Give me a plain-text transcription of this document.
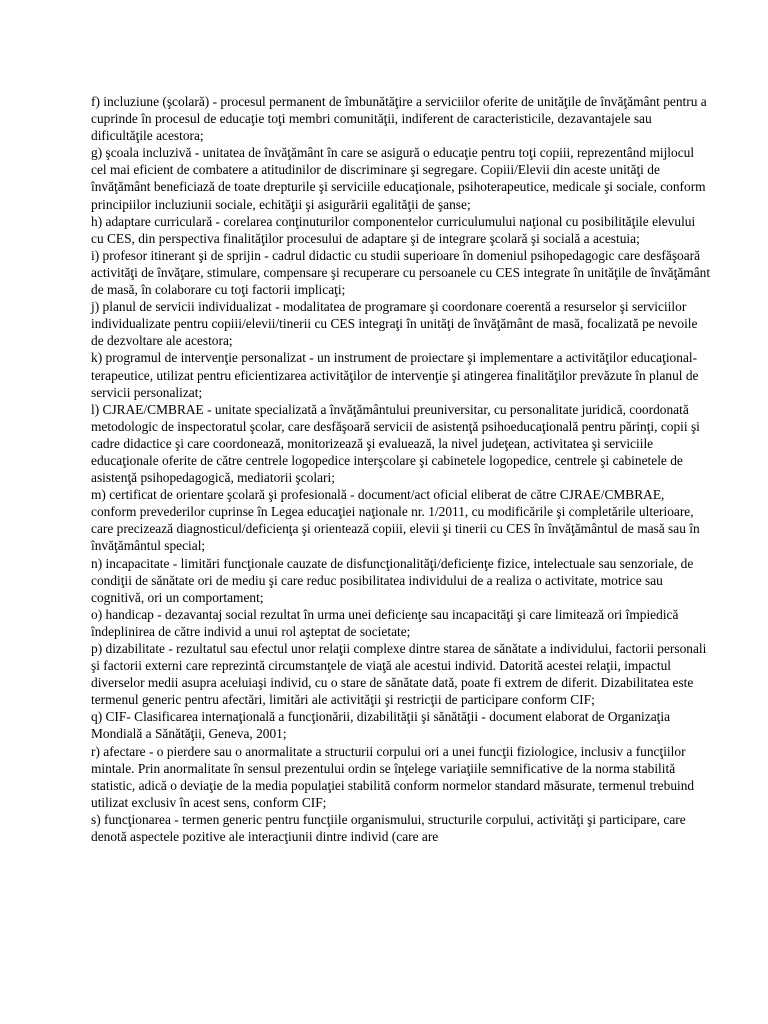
f) incluziune (şcolară) - procesul permanent de îmbunătăţire a serviciilor oferite de unităţile de învăţământ pentru a cuprinde în procesul de educaţie toţi membri comunităţii, indiferent de caracteristicile, dezavantajele sau dificultăţile acestora;

g) şcoala incluzivă - unitatea de învăţământ în care se asigură o educaţie pentru toţi copiii, reprezentând mijlocul cel mai eficient de combatere a atitudinilor de discriminare şi segregare. Copiii/Elevii din aceste unităţi de învăţământ beneficiază de toate drepturile şi serviciile educaţionale, psihoterapeutice, medicale şi sociale, conform principiilor incluziunii sociale, echităţii şi asigurării egalităţii de şanse;

h) adaptare curriculară - corelarea conţinuturilor componentelor curriculumului naţional cu posibilităţile elevului cu CES, din perspectiva finalităţilor procesului de adaptare şi de integrare şcolară şi socială a acestuia;

i) profesor itinerant şi de sprijin - cadrul didactic cu studii superioare în domeniul psihopedagogic care desfăşoară activităţi de învăţare, stimulare, compensare şi recuperare cu persoanele cu CES integrate în unităţile de învăţământ de masă, în colaborare cu toţi factorii implicaţi;

j) planul de servicii individualizat - modalitatea de programare şi coordonare coerentă a resurselor şi serviciilor individualizate pentru copiii/elevii/tinerii cu CES integraţi în unităţi de învăţământ de masă, focalizată pe nevoile de dezvoltare ale acestora;

k) programul de intervenţie personalizat - un instrument de proiectare şi implementare a activităţilor educaţional-terapeutice, utilizat pentru eficientizarea activităţilor de intervenţie şi atingerea finalităţilor prevăzute în planul de servicii personalizat;

l) CJRAE/CMBRAE - unitate specializată a învăţământului preuniversitar, cu personalitate juridică, coordonată metodologic de inspectoratul şcolar, care desfăşoară servicii de asistenţă psihoeducaţională pentru părinţi, copii şi cadre didactice şi care coordonează, monitorizează şi evaluează, la nivel judeţean, activitatea şi serviciile educaţionale oferite de către centrele logopedice interşcolare şi cabinetele logopedice, centrele şi cabinetele de asistenţă psihopedagogică, mediatorii şcolari;

m) certificat de orientare şcolară şi profesională - document/act oficial eliberat de către CJRAE/CMBRAE, conform prevederilor cuprinse în Legea educaţiei naţionale nr. 1/2011, cu modificările şi completările ulterioare, care precizează diagnosticul/deficienţa şi orientează copiii, elevii şi tinerii cu CES în învăţământul de masă sau în învăţământul special;

n) incapacitate - limitări funcţionale cauzate de disfuncţionalităţi/deficienţe fizice, intelectuale sau senzoriale, de condiţii de sănătate ori de mediu şi care reduc posibilitatea individului de a realiza o activitate, motrice sau cognitivă, ori un comportament;

o) handicap - dezavantaj social rezultat în urma unei deficienţe sau incapacităţi şi care limitează ori împiedică îndeplinirea de către individ a unui rol aşteptat de societate;

p) dizabilitate - rezultatul sau efectul unor relaţii complexe dintre starea de sănătate a individului, factorii personali şi factorii externi care reprezintă circumstanţele de viaţă ale acestui individ. Datorită acestei relaţii, impactul diverselor medii asupra aceluiaşi individ, cu o stare de sănătate dată, poate fi extrem de diferit. Dizabilitatea este termenul generic pentru afectări, limitări ale activităţii şi restricţii de participare conform CIF;

q) CIF- Clasificarea internaţională a funcţionării, dizabilităţii şi sănătăţii - document elaborat de Organizaţia Mondială a Sănătăţii, Geneva, 2001;

r) afectare - o pierdere sau o anormalitate a structurii corpului ori a unei funcţii fiziologice, inclusiv a funcţiilor mintale. Prin anormalitate în sensul prezentului ordin se înţelege variaţiile semnificative de la norma stabilită statistic, adică o deviaţie de la media populaţiei stabilită conform normelor standard măsurate, termenul trebuind utilizat exclusiv în acest sens, conform CIF;

s) funcţionarea - termen generic pentru funcţiile organismului, structurile corpului, activităţi şi participare, care denotă aspectele pozitive ale interacţiunii dintre individ (care are
